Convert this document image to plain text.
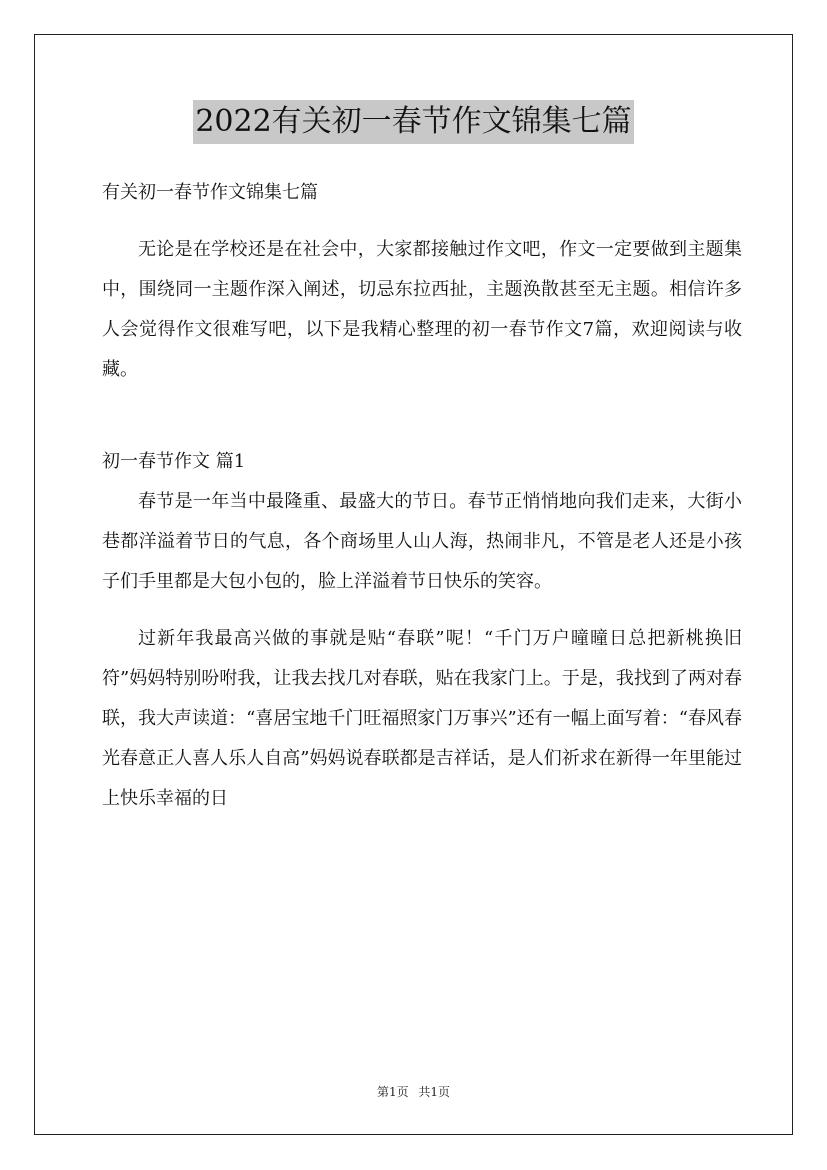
2022有关初一春节作文锦集七篇

有关初一春节作文锦集七篇

无论是在学校还是在社会中，大家都接触过作文吧，作文一定要做到主题集中，围绕同一主题作深入阐述，切忌东拉西扯，主题涣散甚至无主题。相信许多人会觉得作文很难写吧，以下是我精心整理的初一春节作文7篇，欢迎阅读与收藏。

初一春节作文 篇1

春节是一年当中最隆重、最盛大的节日。春节正悄悄地向我们走来，大街小巷都洋溢着节日的气息，各个商场里人山人海，热闹非凡，不管是老人还是小孩子们手里都是大包小包的，脸上洋溢着节日快乐的笑容。

过新年我最高兴做的事就是贴“春联”呢！“千门万户曈曈日总把新桃换旧符”妈妈特别吩咐我，让我去找几对春联，贴在我家门上。于是，我找到了两对春联，我大声读道：“喜居宝地千门旺福照家门万事兴”还有一幅上面写着：“春风春光春意正人喜人乐人自高”妈妈说春联都是吉祥话，是人们祈求在新得一年里能过上快乐幸福的日

第1页 共1页
